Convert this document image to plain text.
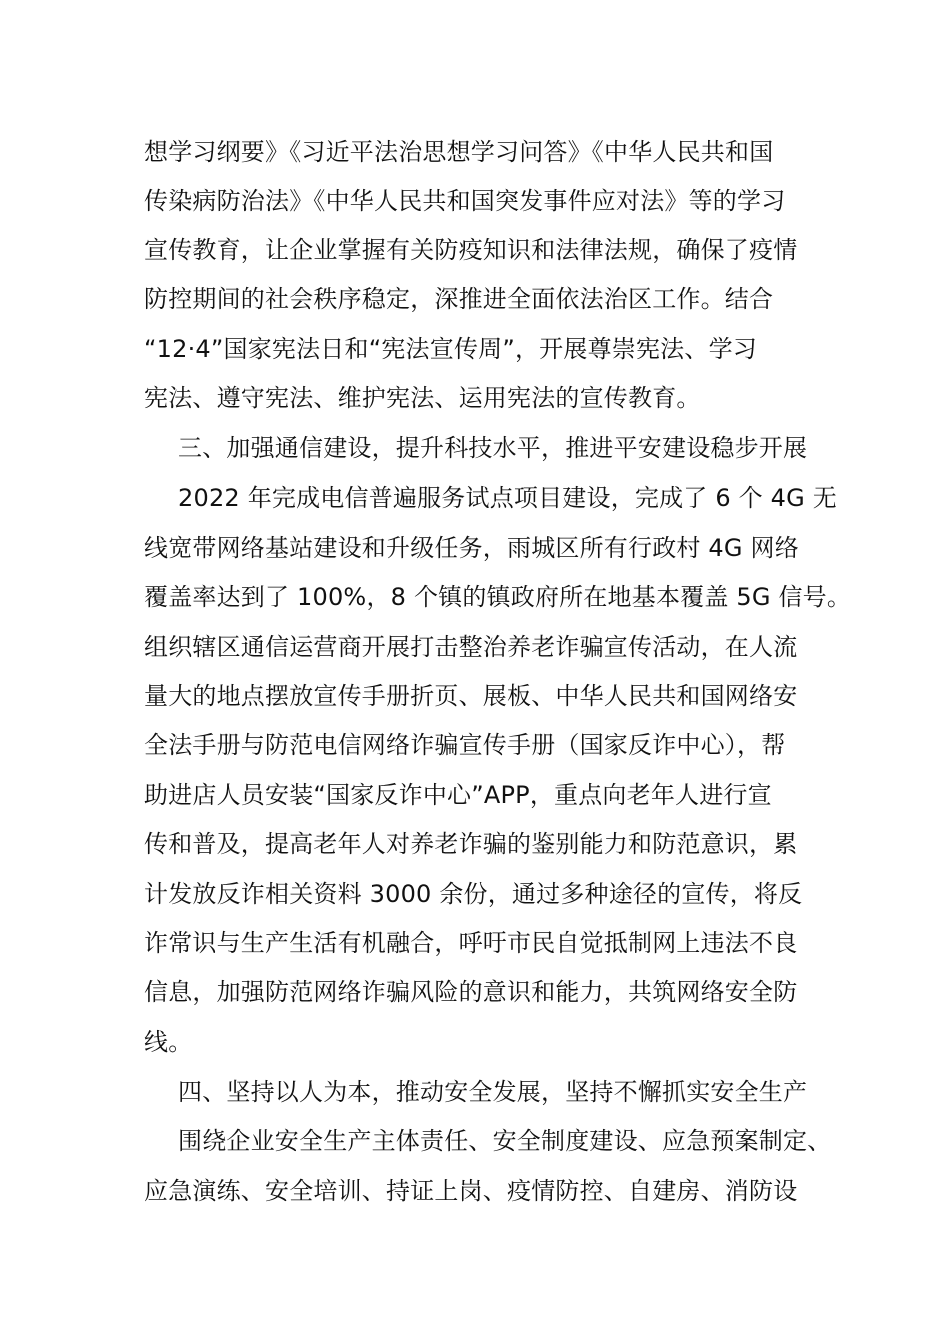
想学习纲要》《习近平法治思想学习问答》《中华人民共和国
传染病防治法》《中华人民共和国突发事件应对法》等的学习
宣传教育，让企业掌握有关防疫知识和法律法规，确保了疫情
防控期间的社会秩序稳定，深推进全面依法治区工作。结合
“12·4”国家宪法日和“宪法宣传周”，开展尊崇宪法、学习
宪法、遵守宪法、维护宪法、运用宪法的宣传教育。
三、加强通信建设，提升科技水平，推进平安建设稳步开展
2022 年完成电信普遍服务试点项目建设，完成了 6 个 4G 无
线宽带网络基站建设和升级任务，雨城区所有行政村 4G 网络
覆盖率达到了 100%，8 个镇的镇政府所在地基本覆盖 5G 信号。
组织辖区通信运营商开展打击整治养老诈骗宣传活动，在人流
量大的地点摆放宣传手册折页、展板、中华人民共和国网络安
全法手册与防范电信网络诈骗宣传手册（国家反诈中心），帮
助进店人员安装“国家反诈中心”APP，重点向老年人进行宣
传和普及，提高老年人对养老诈骗的鉴别能力和防范意识，累
计发放反诈相关资料 3000 余份，通过多种途径的宣传，将反
诈常识与生产生活有机融合，呼吁市民自觉抵制网上违法不良
信息，加强防范网络诈骗风险的意识和能力，共筑网络安全防
线。
四、坚持以人为本，推动安全发展，坚持不懈抓实安全生产
围绕企业安全生产主体责任、安全制度建设、应急预案制定、
应急演练、安全培训、持证上岗、疫情防控、自建房、消防设
